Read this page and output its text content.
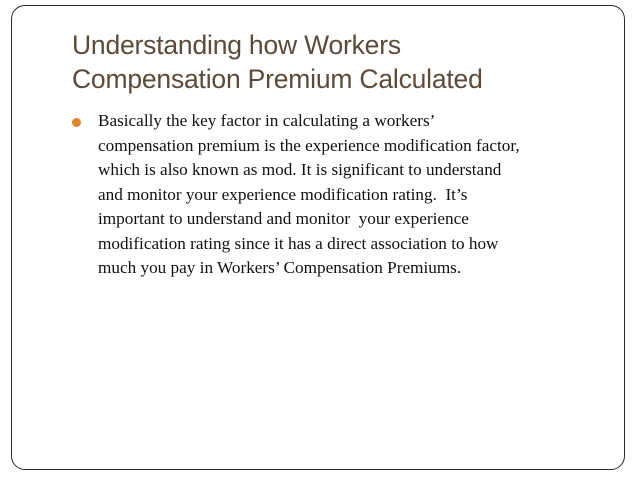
Understanding how Workers
Compensation Premium Calculated

Basically the key factor in calculating a workers’
compensation premium is the experience modification factor,
which is also known as mod. It is significant to understand
and monitor your experience modification rating.  It’s
important to understand and monitor  your experience
modification rating since it has a direct association to how
much you pay in Workers’ Compensation Premiums.
